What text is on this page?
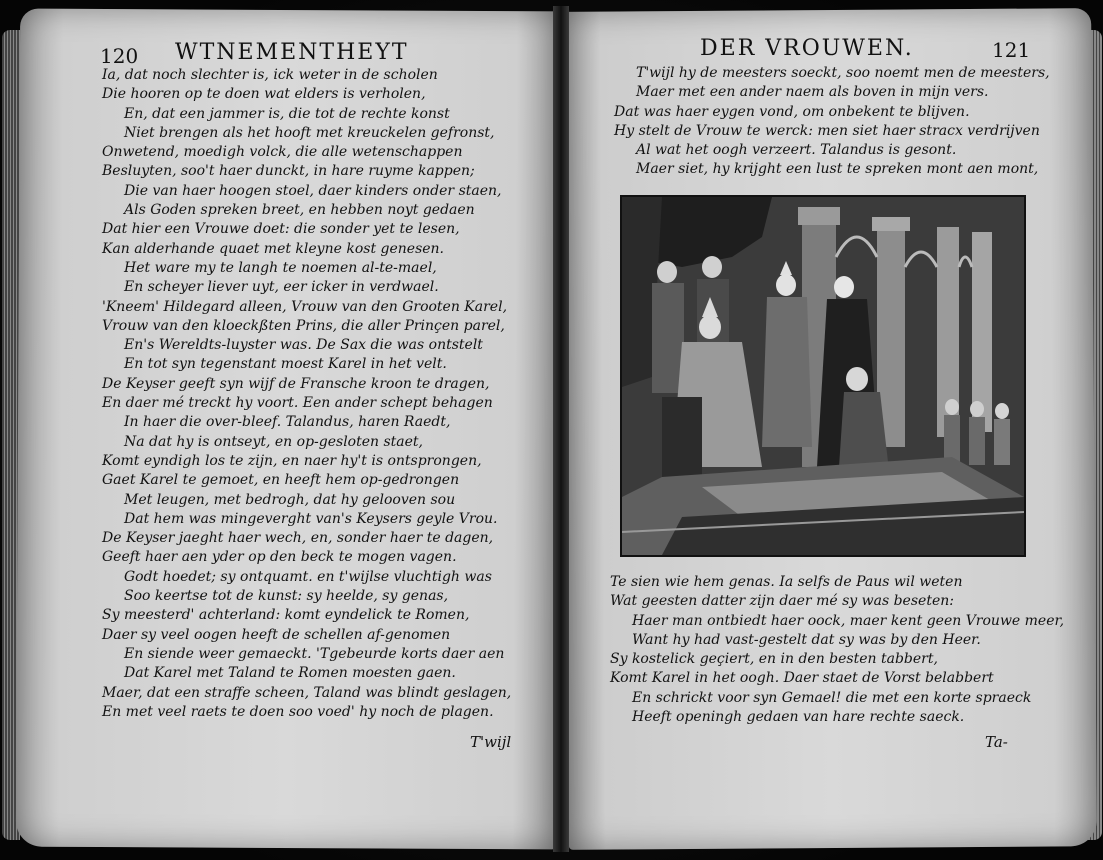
120 WTNEMENTHEYT
Ia, dat noch slechter is, ick weter in de scholen
Die hooren op te doen wat elders is verholen,
En, dat een jammer is, die tot de rechte konst
Niet brengen als het hooft met kreuckelen gefronst,
Onwetend, moedigh volck, die alle wetenschappen
Besluyten, soo't haer dunckt, in hare ruyme kappen;
Die van haer hoogen stoel, daer kinders onder staen,
Als Goden spreken breet, en hebben noyt gedaen
Dat hier een Vrouwe doet: die sonder yet te lesen,
Kan alderhande quaet met kleyne kost genesen.
Het ware my te langh te noemen al-te-mael,
En scheyer liever uyt, eer icker in verdwael.
'Kneem' Hildegard alleen, Vrouw van den Grooten Karel,
Vrouw van den kloeckßten Prins, die aller Prinçen parel,
En's Wereldts-luyster was. De Sax die was ontstelt
En tot syn tegenstant moest Karel in het velt.
De Keyser geeft syn wijf de Fransche kroon te dragen,
En daer mé treckt hy voort. Een ander schept behagen
In haer die over-bleef. Talandus, haren Raedt,
Na dat hy is ontseyt, en op-gesloten staet,
Komt eyndigh los te zijn, en naer hy't is ontsprongen,
Gaet Karel te gemoet, en heeft hem op-gedrongen
Met leugen, met bedrogh, dat hy gelooven sou
Dat hem was mingeverght van's Keysers geyle Vrou.
De Keyser jaeght haer wech, en, sonder haer te dagen,
Geeft haer aen yder op den beck te mogen vagen.
Godt hoedet; sy ontquamt. en t'wijlse vluchtigh was
Soo keertse tot de kunst: sy heelde, sy genas,
Sy meesterd' achterland: komt eyndelick te Romen,
Daer sy veel oogen heeft de schellen af-genomen
En siende weer gemaeckt. 'Tgebeurde korts daer aen
Dat Karel met Taland te Romen moesten gaen.
Maer, dat een straffe scheen, Taland was blindt geslagen,
En met veel raets te doen soo voed' hy noch de plagen.
T'wijl
DER VROUWEN.	121
T'wijl hy de meesters soeckt, soo noemt men de meesters,
Maer met een ander naem als boven in mijn vers.
Dat was haer eygen vond, om onbekent te blijven.
Hy stelt de Vrouw te werck: men siet haer stracx verdrijven
Al wat het oogh verzeert. Talandus is gesont.
Maer siet, hy krijght een lust te spreken mont aen mont,
Te sien wie hem genas. Ia selfs de Paus wil weten
Wat geesten datter zijn daer mé sy was beseten:
Haer man ontbiedt haer oock, maer kent geen Vrouwe meer,
Want hy had vast-gestelt dat sy was by den Heer.
Sy kostelick geçiert, en in den besten tabbert,
Komt Karel in het oogh. Daer staet de Vorst belabbert
En schrickt voor syn Gemael! die met een korte spraeck
Heeft openingh gedaen van hare rechte saeck.
Ta-
